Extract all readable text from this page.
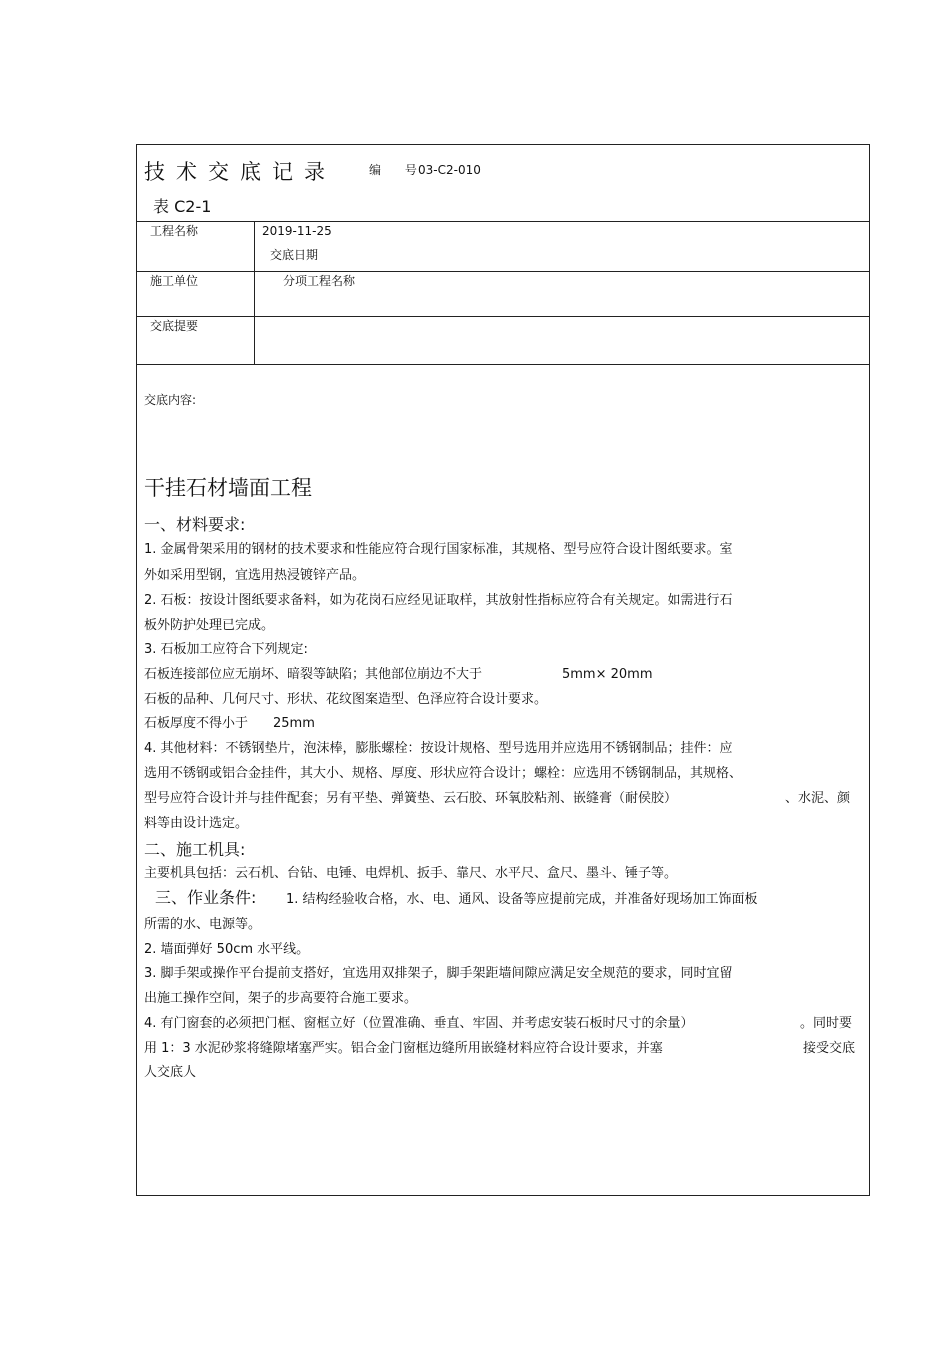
技术交底记录	编 号
03-C2-010
表 C2-1
工程名称	2019-11-25
交底日期
施工单位	分项工程名称
交底提要
交底内容:
干挂石材墙面工程
一、材料要求:
1. 金属骨架采用的钢材的技术要求和性能应符合现行国家标准，其规格、型号应符合设计图纸要求。室
外如采用型钢，宜选用热浸镀锌产品。
2. 石板：按设计图纸要求备料，如为花岗石应经见证取样，其放射性指标应符合有关规定。如需进行石
板外防护处理已完成。
3. 石板加工应符合下列规定:
石板连接部位应无崩坏、暗裂等缺陷；其他部位崩边不大于	5mm× 20mm
石板的品种、几何尺寸、形状、花纹图案造型、色泽应符合设计要求。
石板厚度不得小于 25mm
4. 其他材料：不锈钢垫片，泡沫棒，膨胀螺栓：按设计规格、型号选用并应选用不锈钢制品；挂件：应
选用不锈钢或铝合金挂件，其大小、规格、厚度、形状应符合设计；螺栓：应选用不锈钢制品，其规格、
型号应符合设计并与挂件配套；另有平垫、弹簧垫、云石胶、环氧胶粘剂、嵌缝膏（耐侯胶）	、水泥、颜
料等由设计选定。
二、施工机具:
主要机具包括：云石机、台钻、电锤、电焊机、扳手、靠尺、水平尺、盒尺、墨斗、锤子等。
三、作业条件: 1. 结构经验收合格，水、电、通风、设备等应提前完成，并准备好现场加工饰面板
所需的水、电源等。
2. 墙面弹好 50cm 水平线。
3. 脚手架或操作平台提前支搭好，宜选用双排架子，脚手架距墙间隙应满足安全规范的要求，同时宜留
出施工操作空间，架子的步高要符合施工要求。
4. 有门窗套的必须把门框、窗框立好（位置准确、垂直、牢固、并考虑安装石板时尺寸的余量）	。同时要
用 1：3 水泥砂浆将缝隙堵塞严实。铝合金门窗框边缝所用嵌缝材料应符合设计要求，并塞	接受交底
人交底人
